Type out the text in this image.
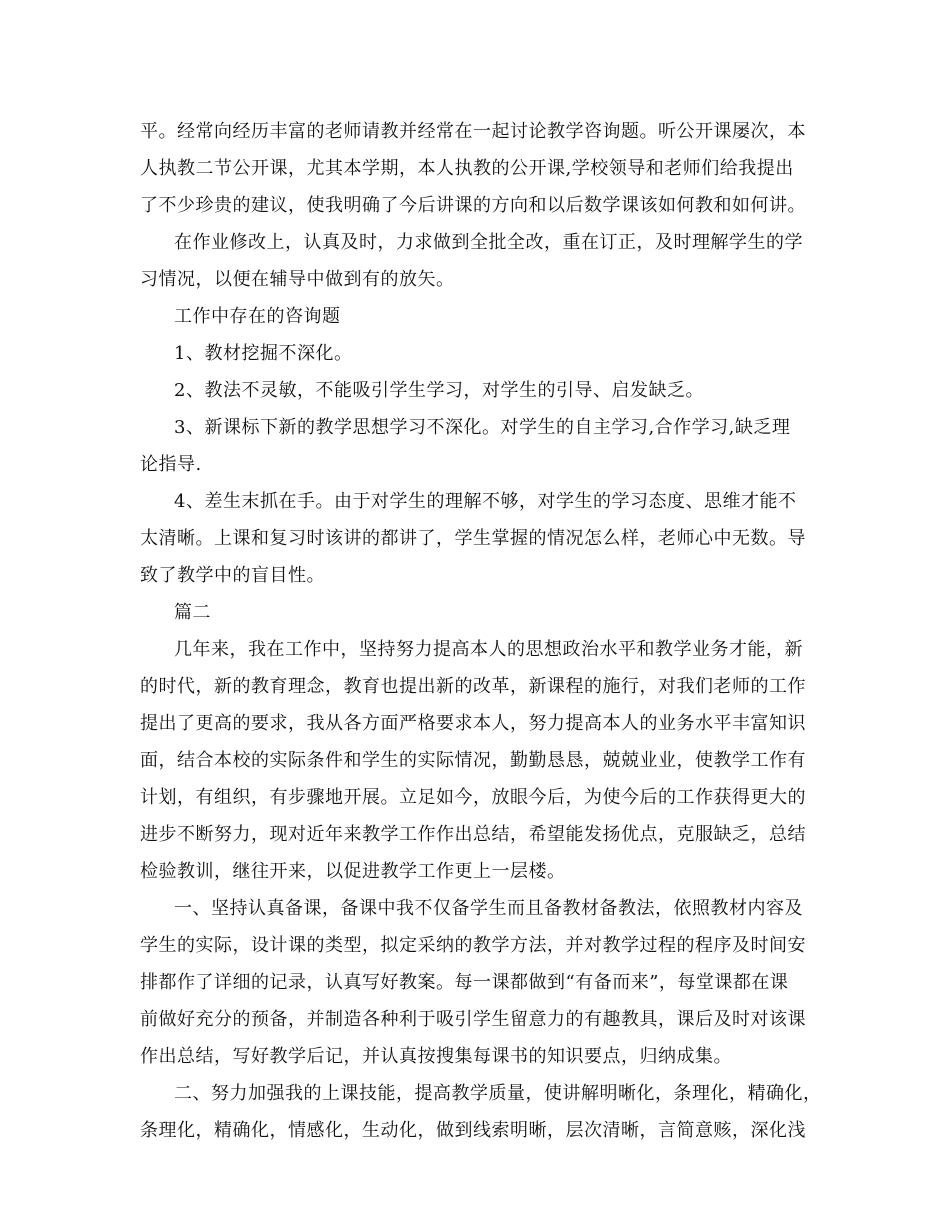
平。经常向经历丰富的老师请教并经常在一起讨论教学咨询题。听公开课屡次，本
人执教二节公开课，尤其本学期，本人执教的公开课,学校领导和老师们给我提出
了不少珍贵的建议，使我明确了今后讲课的方向和以后数学课该如何教和如何讲。
在作业修改上，认真及时，力求做到全批全改，重在订正，及时理解学生的学
习情况，以便在辅导中做到有的放矢。
工作中存在的咨询题
1、教材挖掘不深化。
2、教法不灵敏，不能吸引学生学习，对学生的引导、启发缺乏。
3、新课标下新的教学思想学习不深化。对学生的自主学习,合作学习,缺乏理
论指导.
4、差生末抓在手。由于对学生的理解不够，对学生的学习态度、思维才能不
太清晰。上课和复习时该讲的都讲了，学生掌握的情况怎么样，老师心中无数。导
致了教学中的盲目性。
篇二
几年来，我在工作中，坚持努力提高本人的思想政治水平和教学业务才能，新
的时代，新的教育理念，教育也提出新的改革，新课程的施行，对我们老师的工作
提出了更高的要求，我从各方面严格要求本人，努力提高本人的业务水平丰富知识
面，结合本校的实际条件和学生的实际情况，勤勤恳恳，兢兢业业，使教学工作有
计划，有组织，有步骤地开展。立足如今，放眼今后，为使今后的工作获得更大的
进步不断努力，现对近年来教学工作作出总结，希望能发扬优点，克服缺乏，总结
检验教训，继往开来，以促进教学工作更上一层楼。
一、坚持认真备课，备课中我不仅备学生而且备教材备教法，依照教材内容及
学生的实际，设计课的类型，拟定采纳的教学方法，并对教学过程的程序及时间安
排都作了详细的记录，认真写好教案。每一课都做到“有备而来”，每堂课都在课
前做好充分的预备，并制造各种利于吸引学生留意力的有趣教具，课后及时对该课
作出总结，写好教学后记，并认真按搜集每课书的知识要点，归纳成集。
二、努力加强我的上课技能，提高教学质量，使讲解明晰化，条理化，精确化，
条理化，精确化，情感化，生动化，做到线索明晰，层次清晰，言简意赅，深化浅
